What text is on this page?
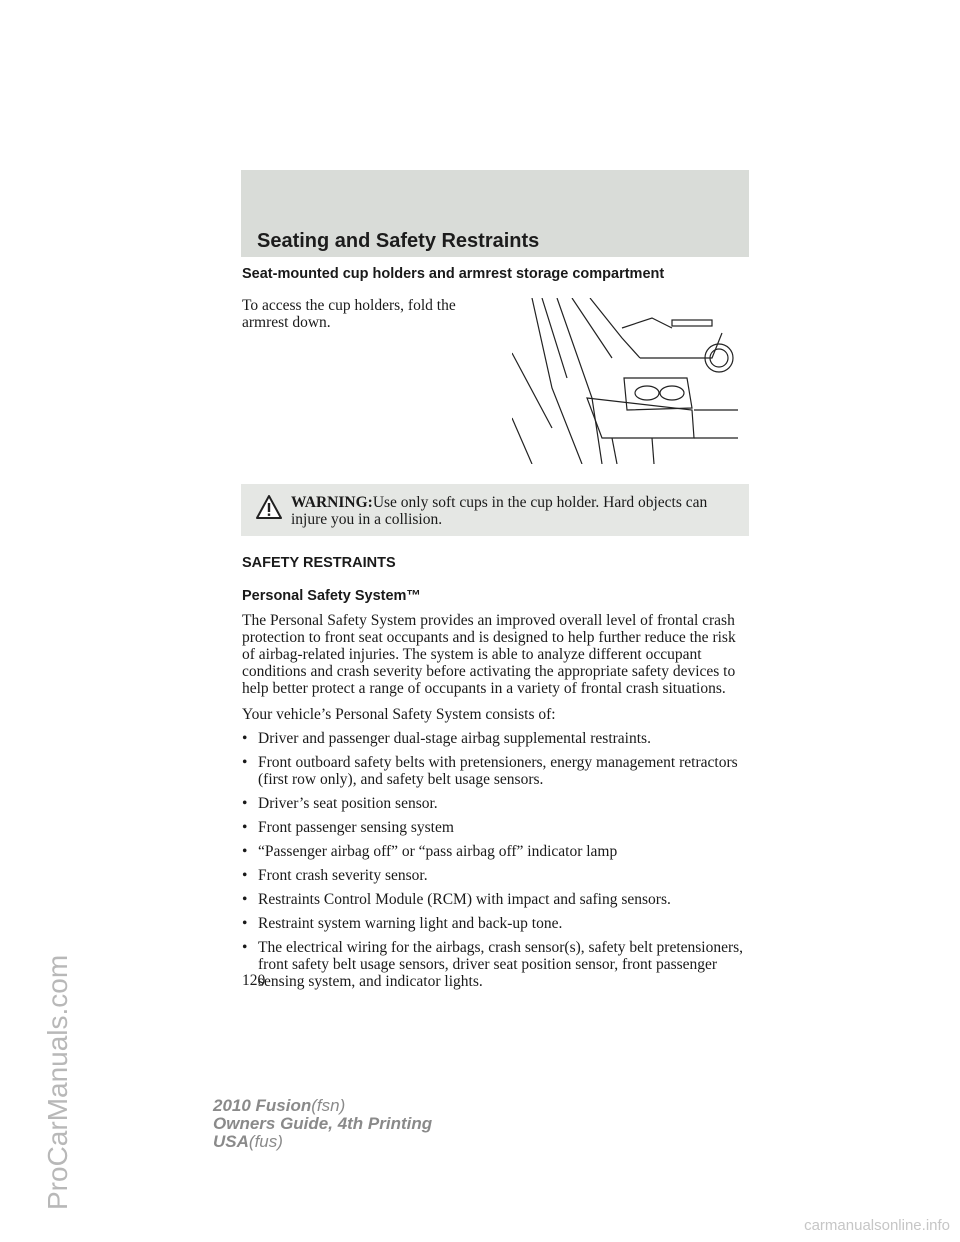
Seating and Safety Restraints

Seat-mounted cup holders and armrest storage compartment

To access the cup holders, fold the armrest down.

WARNING:Use only soft cups in the cup holder. Hard objects can injure you in a collision.
SAFETY RESTRAINTS

Personal Safety System™

The Personal Safety System provides an improved overall level of frontal crash protection to front seat occupants and is designed to help further reduce the risk of airbag-related injuries. The system is able to analyze different occupant conditions and crash severity before activating the appropriate safety devices to help better protect a range of occupants in a variety of frontal crash situations.

Your vehicle’s Personal Safety System consists of:

• Driver and passenger dual-stage airbag supplemental restraints.
• Front outboard safety belts with pretensioners, energy management retractors (first row only), and safety belt usage sensors.
• Driver’s seat position sensor.
• Front passenger sensing system
• “Passenger airbag off” or “pass airbag off” indicator lamp
• Front crash severity sensor.
• Restraints Control Module (RCM) with impact and safing sensors.
• Restraint system warning light and back-up tone.
• The electrical wiring for the airbags, crash sensor(s), safety belt pretensioners, front safety belt usage sensors, driver seat position sensor, front passenger sensing system, and indicator lights.
120
2010 Fusion(fsn)
Owners Guide, 4th Printing
USA(fus)
ProCarManuals.com
carmanualsonline.info
